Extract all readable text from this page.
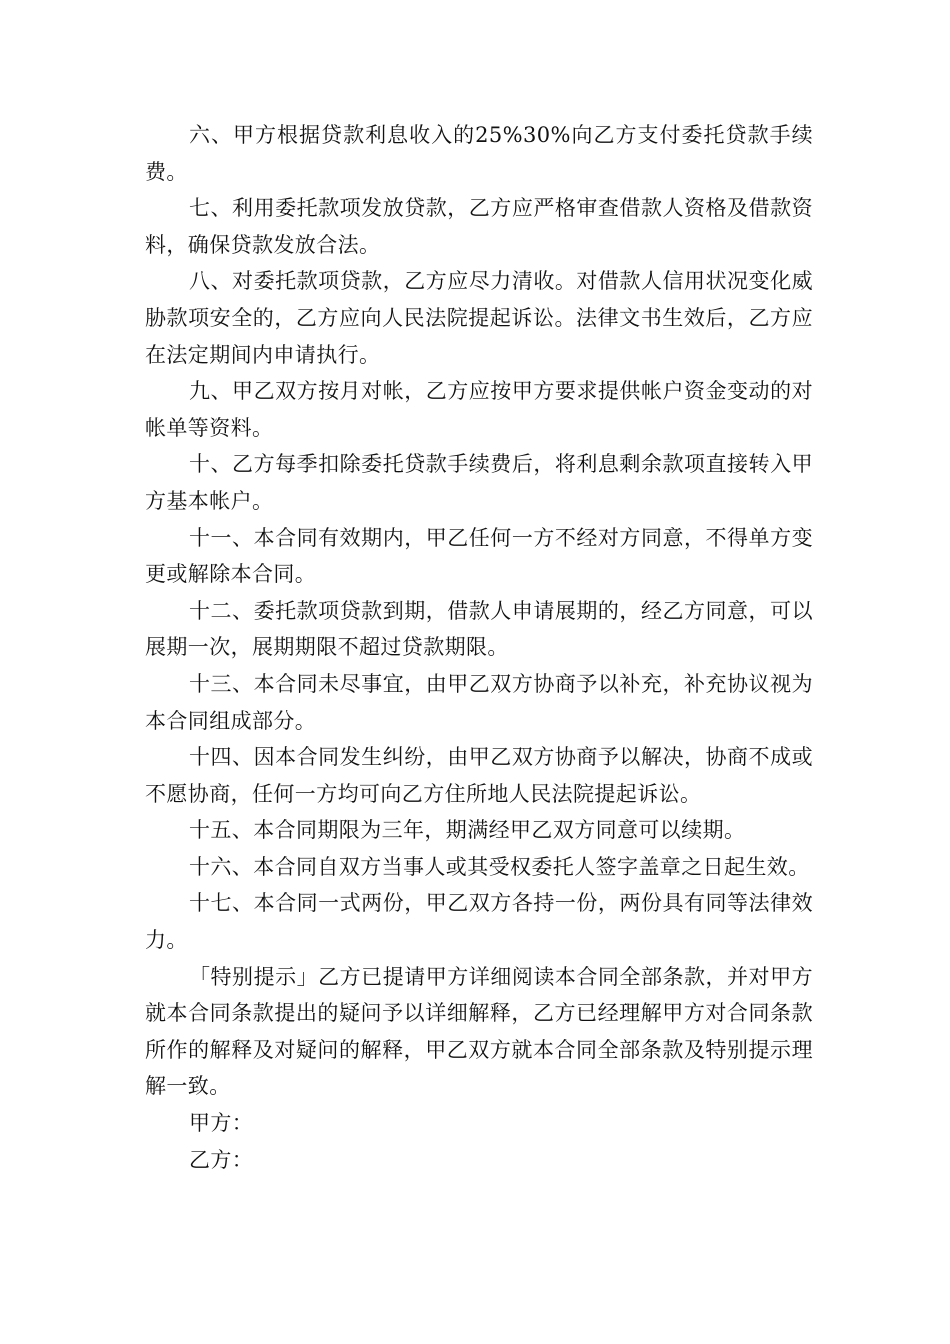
六、甲方根据贷款利息收入的25%30%向乙方支付委托贷款手续费。

七、利用委托款项发放贷款，乙方应严格审查借款人资格及借款资料，确保贷款发放合法。

八、对委托款项贷款，乙方应尽力清收。对借款人信用状况变化威胁款项安全的，乙方应向人民法院提起诉讼。法律文书生效后，乙方应在法定期间内申请执行。

九、甲乙双方按月对帐，乙方应按甲方要求提供帐户资金变动的对帐单等资料。

十、乙方每季扣除委托贷款手续费后，将利息剩余款项直接转入甲方基本帐户。

十一、本合同有效期内，甲乙任何一方不经对方同意，不得单方变更或解除本合同。

十二、委托款项贷款到期，借款人申请展期的，经乙方同意，可以展期一次，展期期限不超过贷款期限。

十三、本合同未尽事宜，由甲乙双方协商予以补充，补充协议视为本合同组成部分。

十四、因本合同发生纠纷，由甲乙双方协商予以解决，协商不成或不愿协商，任何一方均可向乙方住所地人民法院提起诉讼。

十五、本合同期限为三年，期满经甲乙双方同意可以续期。

十六、本合同自双方当事人或其受权委托人签字盖章之日起生效。

十七、本合同一式两份，甲乙双方各持一份，两份具有同等法律效力。

「特别提示」乙方已提请甲方详细阅读本合同全部条款，并对甲方就本合同条款提出的疑问予以详细解释，乙方已经理解甲方对合同条款所作的解释及对疑问的解释，甲乙双方就本合同全部条款及特别提示理解一致。

甲方：

乙方：
